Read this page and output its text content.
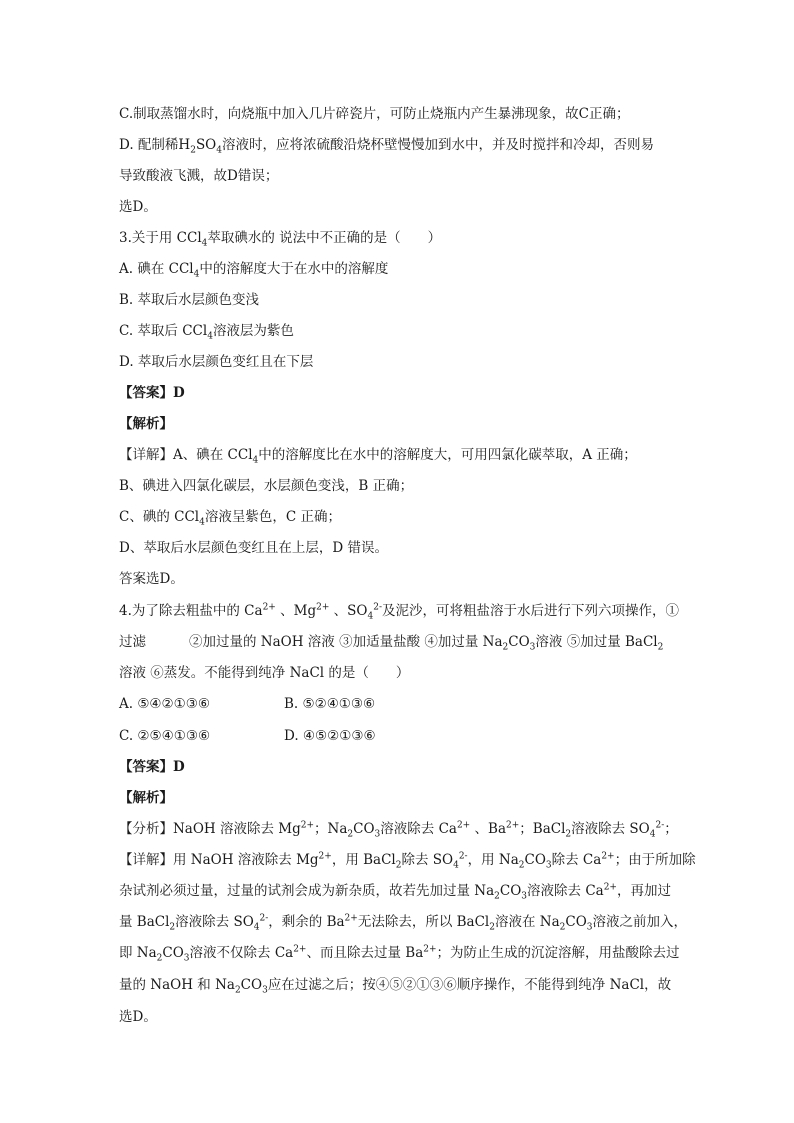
C.制取蒸馏水时，向烧瓶中加入几片碎瓷片，可防止烧瓶内产生暴沸现象，故C正确；
D. 配制稀$H_2SO_4$溶液时，应将浓硫酸沿烧杯壁慢慢加到水中，并及时搅拌和冷却，否则易
导致酸液飞溅，故D错误；
选D。
3.关于用 CCl$_4$萃取碘水的 说法中不正确的是（　　）
A. 碘在 CCl$_4$中的溶解度大于在水中的溶解度
B. 萃取后水层颜色变浅
C. 萃取后 CCl$_4$溶液层为紫色
D. 萃取后水层颜色变红且在下层
【答案】D
【解析】
【详解】A、碘在 CCl$_4$中的溶解度比在水中的溶解度大，可用四氯化碳萃取，A 正确；
B、碘进入四氯化碳层，水层颜色变浅，B 正确；
C、碘的 CCl$_4$溶液呈紫色，C 正确；
D、萃取后水层颜色变红且在上层，D 错误。
答案选D。
4.为了除去粗盐中的 $Ca^{2+}$ 、$Mg^{2+}$ 、$SO_4^{2-}$及泥沙，可将粗盐溶于水后进行下列六项操作，①
过滤	②加过量的 NaOH 溶液 ③加适量盐酸 ④加过量 $Na_2CO_3$溶液 ⑤加过量 BaCl$_2$
溶液 ⑥蒸发。不能得到纯净 NaCl 的是（　　）
A. ⑤④②①③⑥	B. ⑤②④①③⑥
C. ②⑤④①③⑥	D. ④⑤②①③⑥
【答案】D
【解析】
【分析】NaOH 溶液除去 $Mg^{2+}$；$Na_2CO_3$溶液除去 $Ca^{2+}$ 、$Ba^{2+}$；BaCl$_2$溶液除去 $SO_4^{2-}$；
【详解】用 NaOH 溶液除去 $Mg^{2+}$，用 BaCl$_2$除去 $SO_4^{2-}$，用 $Na_2CO_3$除去 $Ca^{2+}$；由于所加除
杂试剂必须过量，过量的试剂会成为新杂质，故若先加过量 $Na_2CO_3$溶液除去 $Ca^{2+}$，再加过
量 BaCl$_2$溶液除去 $SO_4^{2-}$，剩余的 $Ba^{2+}$无法除去，所以 BaCl$_2$溶液在 $Na_2CO_3$溶液之前加入，
即 $Na_2CO_3$溶液不仅除去 $Ca^{2+}$、而且除去过量 $Ba^{2+}$；为防止生成的沉淀溶解，用盐酸除去过
量的 NaOH 和 $Na_2CO_3$应在过滤之后；按④⑤②①③⑥顺序操作，不能得到纯净 NaCl，故
选D。
